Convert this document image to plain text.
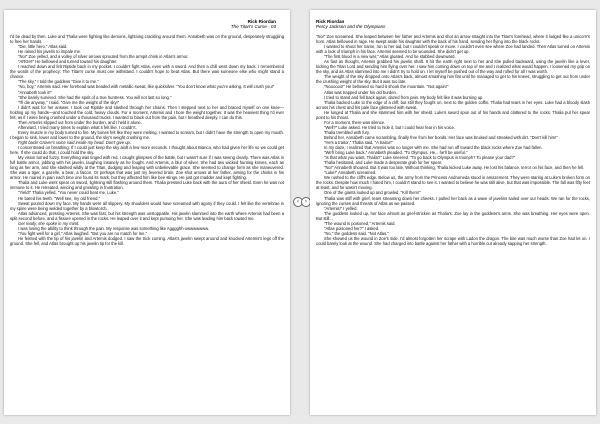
Rick Riordan
The Titan's Curse - 03

I'd be dead by then. Luke and Thalia were fighting like demons, lightning crackling around them. Annabeth was on the ground, desperately struggling to free her hands.

"Die, little hero," Atlas said.

He raised his javelin to impale me.

"No!" Zoe yelled, and a volley of silver arrows sprouted from the armpit chink in Atlas's armor.

"ARGH!" He bellowed and turned toward his daughter.

I reached down and felt Riptide back in my pocket. I couldn't fight Atlas, even with a sword. And then a chill went down my back. I remembered the words of the prophecy: The Titan's curse must one withstand. I couldn't hope to beat Atlas. But there was someone else who might stand a chance.

"The sky," I told the goddess "Give it to me."

"No, boy," Artemis said. Her forehead was beaded with metallic sweat, like quicksilver. "You don't know what you're asking. It will crush you!"

"Annabeth took it!"

"She barely survived. She had the spirit of a true huntress. You will not last so long."

"I'll die anyway," I said. "Give me the weight of the sky!"

I didn't wait for her answer. I took out Riptide and slashed through her chains. Then I stepped next to her and braced myself on one knee—holding up my hands—and touched the cold, heavy clouds. For a moment, Artemis and I bore the weight together. It was the heaviest thing I'd ever felt, as if I were being crushed under a thousand trucks. I wanted to black out from the pain, but I breathed deeply. I can do this.

Then Artemis slipped out from under the burden, and I held it alone.

Afterward, I tried many times to explain what it felt like. I couldn't.

Every muscle in my body turned to fire. My bones felt like they were melting. I wanted to scream, but I didn't have the strength to open my mouth. I began to sink, lower and lower to the ground, the sky's weight crushing me.

Fight back! Grover's voice said inside my head. Don't give up.

I concentrated on breathing. If I could just keep the sky aloft a few more seconds. I thought about Bianca, who had given her life so we could get here. If she could do that, I could hold the sky.

My vision turned fuzzy. Everything was tinged with red. I caught glimpses of the battle, but I wasn't sure if I was seeing clearly. There was Atlas in full battle armor, jabbing with his javelin, laughing insanely as he fought. And Artemis, a blur of silver. She had two wicked hunting knives, each as long as her arm, and she slashed wildly at the Titan, dodging and leaping with unbelievable grace. She seemed to change form as she maneuvered. She was a tiger, a gazelle, a bear, a falcon. Or perhaps that was just my fevered brain. Zoe shot arrows at her father, aiming for the chinks in his armor. He roared in pain each time one found its mark, but they affected him like bee stings. He just got madder and kept fighting.

Thalia and Luke went spear on sword, lightning still flashing around them. Thalia pressed Luke back with the aura of her shield. Even he was not immune to it. He retreated, wincing and growling in frustration.

"Yield!" Thalia yelled. "You never could beat me, Luke."

He bared his teeth. "Well see, my old friend."

Sweat poured down my face. My hands were all slippery. My shoulders would have screamed with agony if they could. I felt like the vertebrae in my spine were being welded together by a blowtorch.

Atlas advanced, pressing Artemis. She was fast, but his strength was unstoppable. His javelin slammed into the earth where Artemis had been a split second before, and a fissure opened in the rocks. He leaped over it and kept pursuing her. She was leading him back toward me.

Get ready, she spoke in my mind.

I was losing the ability to think through the pain. My response was something like Agggghh-owwwwwww.

"You fight well for a girl," Atlas laughed. "But you are no match for me."

He feinted with the tip of his javelin and Artemis dodged. I saw the trick coming. Atlas's javelin swept around and knocked Artemis's legs off the ground. She fell, and Atlas brought up his javelin tip for the kill.

‹ ›
Rick Riordan
Percy Jackson and the Olympians

"No!" Zoe screamed. She leaped between her father and Artemis and shot an arrow straight into the Titan's forehead, where it lodged like a unicorn's horn. Atlas bellowed in rage. He swept aside his daughter with the back of his hand, sending her flying into the black rocks.

I wanted to shout her name, run to her aid, but I couldn't speak or move. I couldn't even see where Zoe had landed. Then Atlas turned on Artemis with a look of triumph in his face. Artemis seemed to be wounded. She didn't get up.

"The first blood in a new war," Atlas gloated. And he stabbed downward.

As fast as thought, Artemis grabbed his javelin shaft. It hit the earth right next to her and she pulled backward, using the javelin like a lever, kicking the Titan Lord and sending him flying over her. I saw him coming down on top of me and I realized what would happen. I loosened my grip on the sky, and as Atlas slammed into me I didn't try to hold on. I let myself be pushed out of the way and rolled for all I was worth.

The weight of the sky dropped onto Atlas's back, almost smashing him flat until he managed to get to his knees, struggling to get out from under the crushing weight of the sky. But it was too late.

"Noooooo!" He bellowed so hard it shook the mountain. "Not again!"

Atlas was trapped under his old burden.

I tried to stand and fell back again, dazed from pain. My body felt like it was burning up.

Thalia backed Luke to the edge of a cliff, but still they fought on, next to the golden coffin. Thalia had tears in her eyes. Luke had a bloody slash across his chest and his pale face glistened with sweat.

He lunged at Thalia and she slammed him with her shield. Luke's sword spun out of his hands and clattered to the rocks. Thalia put her spear point to his throat.

For a moment, there was silence.

"Well?" Luke asked. He tried to hide it, but I could hear fear in his voice.

Thalia trembled with fury.

Behind her, Annabeth came scrambling, finally free from her bonds. Her face was bruised and streaked with dirt. "Don't kill him!"

"He's a traitor," Thalia said. "A traitor!"

In my daze, I realized that Artemis was no longer with me. She had run off toward the black rocks where Zoe had fallen.

"We'll bring Luke back," Annabeth pleaded. "To Olympus. He... he'll be useful."

"Is that what you want, Thalia?" Luke sneered. "To go back to Olympus in triumph? To please your dad?"

Thalia hesitated, and Luke made a desperate grab for her spear.

"No!" Annabeth shouted. But it was too late. Without thinking, Thalia kicked Luke away. He lost his balance, terror on his face, and then he fell.

"Luke!" Annabeth screamed.

We rushed to the cliff's edge. Below us, the army from the Princess Andromeda stood in amazement. They were staring at Luke's broken form on the rocks. Despite how much I hated him, I couldn't stand to see it. I wanted to believe he was still alive, but that was impossible. The fall was fifty feet at least, and he wasn't moving.

One of the giants looked up and growled. "Kill them!"

Thalia was stiff with grief, tears streaming down her cheeks. I pulled her back as a wave of javelins sailed over our heads. We ran for the rocks, ignoring the curses and threats of Atlas as we passed.

"Artemis!" I yelled.

The goddess looked up, her face almost as grief-stricken as Thalia's. Zoe lay in the goddess's arms. She was breathing. Her eyes were open. But still...

"The wound is poisoned," Artemis said.

"Atlas poisoned her?" I asked.

"No," the goddess said. "Not Atlas."

She showed us the wound in Zoe's side. I'd almost forgotten her scrape with Ladon the dragon. The bite was much worse than Zoe had let on. I could barely look at the wound. She had charged into battle against her father with a horrible cut already sapping her strength.
